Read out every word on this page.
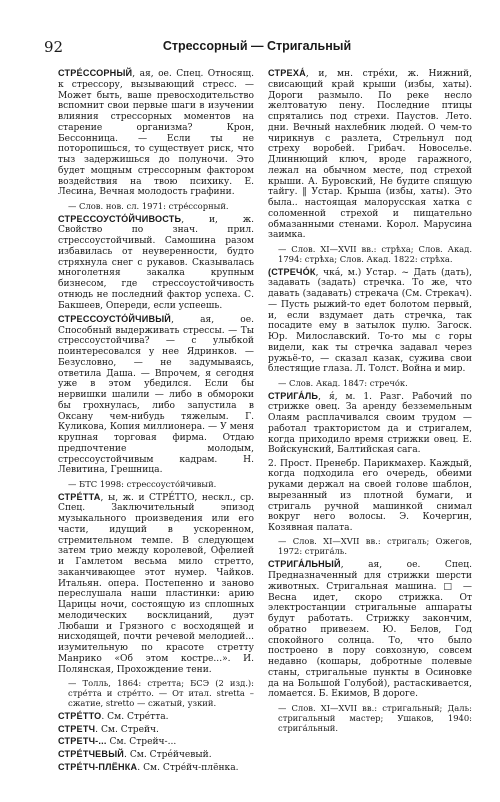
92	Стрессорный — Стригальный

СТРЕ́ССОРНЫЙ, ая, ое. Спец. Относящ. к стрессору, вызывающий стресс. — Может быть, ваше превосходительство вспомнит свои первые шаги в изучении влияния стрессорных моментов на старение организма? Крон, Бессонница. — Если ты не поторопишься, то существует риск, что тыз задержишься до полуночи. Это будет мощным стрессорным фактором воздействия на твою психику. Е. Лесина, Вечная молодость графини.

— Слов. нов. сл. 1971: стре́ссорный.

СТРЕССОУСТО́ЙЧИВОСТЬ, и, ж. Свойство по знач. прил. стрессоустойчивый. Самошина разом избавилась от неуверенности, будто стряхнула снег с рукавов. Сказывалась многолетняя закалка крупным бизнесом, где стрессоустойчивость отнюдь не последний фактор успеха. С. Бакшеев, Опереди, если успеешь.

СТРЕССОУСТО́ЙЧИВЫЙ, ая, ое. Способный выдерживать стрессы. — Ты стрессоустойчива? — с улыбкой поинтересовался у нее Ядринков. — Безусловно, — не задумываясь, ответила Даша. — Впрочем, я сегодня уже в этом убедился. Если бы нервишки шалили — либо в обмороки бы грохнулась, либо запустила в Оксану чем-нибудь тяжелым. Г. Куликова, Копия миллионера. — У меня крупная торговая фирма. Отдаю предпочтение молодым, стрессоустойчивым кадрам. Н. Левитина, Грешница.

— БТС 1998: стрессоусто́йчивый.

СТРЕ́ТТА, ы, ж. и СТРЕ́ТТО, нескл., ср. Спец. Заключительный эпизод музыкального произведения или его части, идущий в ускоренном, стремительном темпе. В следующем затем трио между королевой, Офелией и Гамлетом весьма мило стретто, заканчивающее этот нумер. Чайков. Итальян. опера. Постепенно и заново переслушала наши пластинки: арию Царицы ночи, состоящую из сплошных мелодических восклицаний, дуэт Любаши и Грязного с восходящей и нисходящей, почти речевой мелодией... изумительную по красоте стретту Манрико «Об этом костре...». И. Полянская, Прохождение тени.

— Толль, 1864: стретта; БСЭ (2 изд.): стре́тта и стре́тто. — От итал. stretta – сжатие, stretto — сжатый, узкий.

СТРЕ́ТТО. См. Стре́тта.

СТРЕТЧ. См. Стрейч.

СТРЕТЧ-... См. Стрейч-...

СТРЕ́ТЧЕВЫЙ. См. Стре́йчевый.

СТРЕ́ТЧ-ПЛЁНКА. См. Стре́йч-плёнка.

СТРЕХА́, и, мн. стре́хи, ж. Нижний, свисающий край крыши (избы, хаты). Дороги размыло. По реке несло желтоватую пену. Последние птицы спрятались под стрехи. Паустов. Лето. дни. Вечный нахлебник людей. О чем-то чирикнув с разлета, Стрельнул под стреху воробей. Грибач. Новоселье. Длиннющий ключ, вроде гаражного, лежал на обычном месте, под стрехой крыши. А. Буровский, Не будите спящую тайгу. ‖ Устар. Крыша (избы, хаты). Это была.. настоящая малорусская хатка с соломенной стрехой и пищательно обмазанными стенами. Корол. Марусина заимка.

— Слов. XI—XVII вв.: стрѣха; Слов. Акад. 1794: стрѣха; Слов. Акад. 1822: стрѣха.

(СТРЕЧО́К, чка́, м.) Устар. ~ Дать (дать), задавать (задать) стречка. То же, что давать (задавать) стрекача (См. Стрекач). — Пусть рыжий-то едет болотом первый, и, если вздумает дать стречка, так посадите ему в затылок пулю. Загоск. Юр. Милославский. То-то мы с горы видели, как ты стречка задавал через ружьё-то, — сказал казак, сужива свои блестящие глаза. Л. Толст. Война и мир.

— Слов. Акад. 1847: стречо́к.

СТРИГА́ЛЬ, я́, м. 1. Разг. Рабочий по стрижке овец. За аренду безземельным Олаям расплачивался своим трудом — работал трактористом да и стригалем, когда приходило время стрижки овец. Е. Войскунский, Балтийская сага.

2. Прост. Пренебр. Парикмахер. Каждый, когда подходила его очередь, обеими руками держал на своей голове шаблон, вырезанный из плотной бумаги, и стригаль ручной машинкой снимал вокруг него волосы. Э. Кочергин, Козявная палата.

— Слов. XI—XVII вв.: стригаль; Ожегов, 1972: стрига́ль.

СТРИГА́ЛЬНЫЙ, ая, ое. Спец. Предназначенный для стрижки шерсти животных. Стригальная машина. □ — Весна идет, скоро стрижка. От электростанции стригальные аппараты будут работать. Стрижку закончим, обратно привезем. Ю. Белов, Год спокойного солнца. То, что было построено в пору совхозную, совсем недавно (кошары, добротные полевые станы, стригальные пункты в Осиновке да на Большой Голубой), растаскивается, ломается. Б. Екимов, В дороге.

— Слов. XI—XVII вв.: стригальный; Даль: стригальный мастер; Ушаков, 1940: стрига́льный.
